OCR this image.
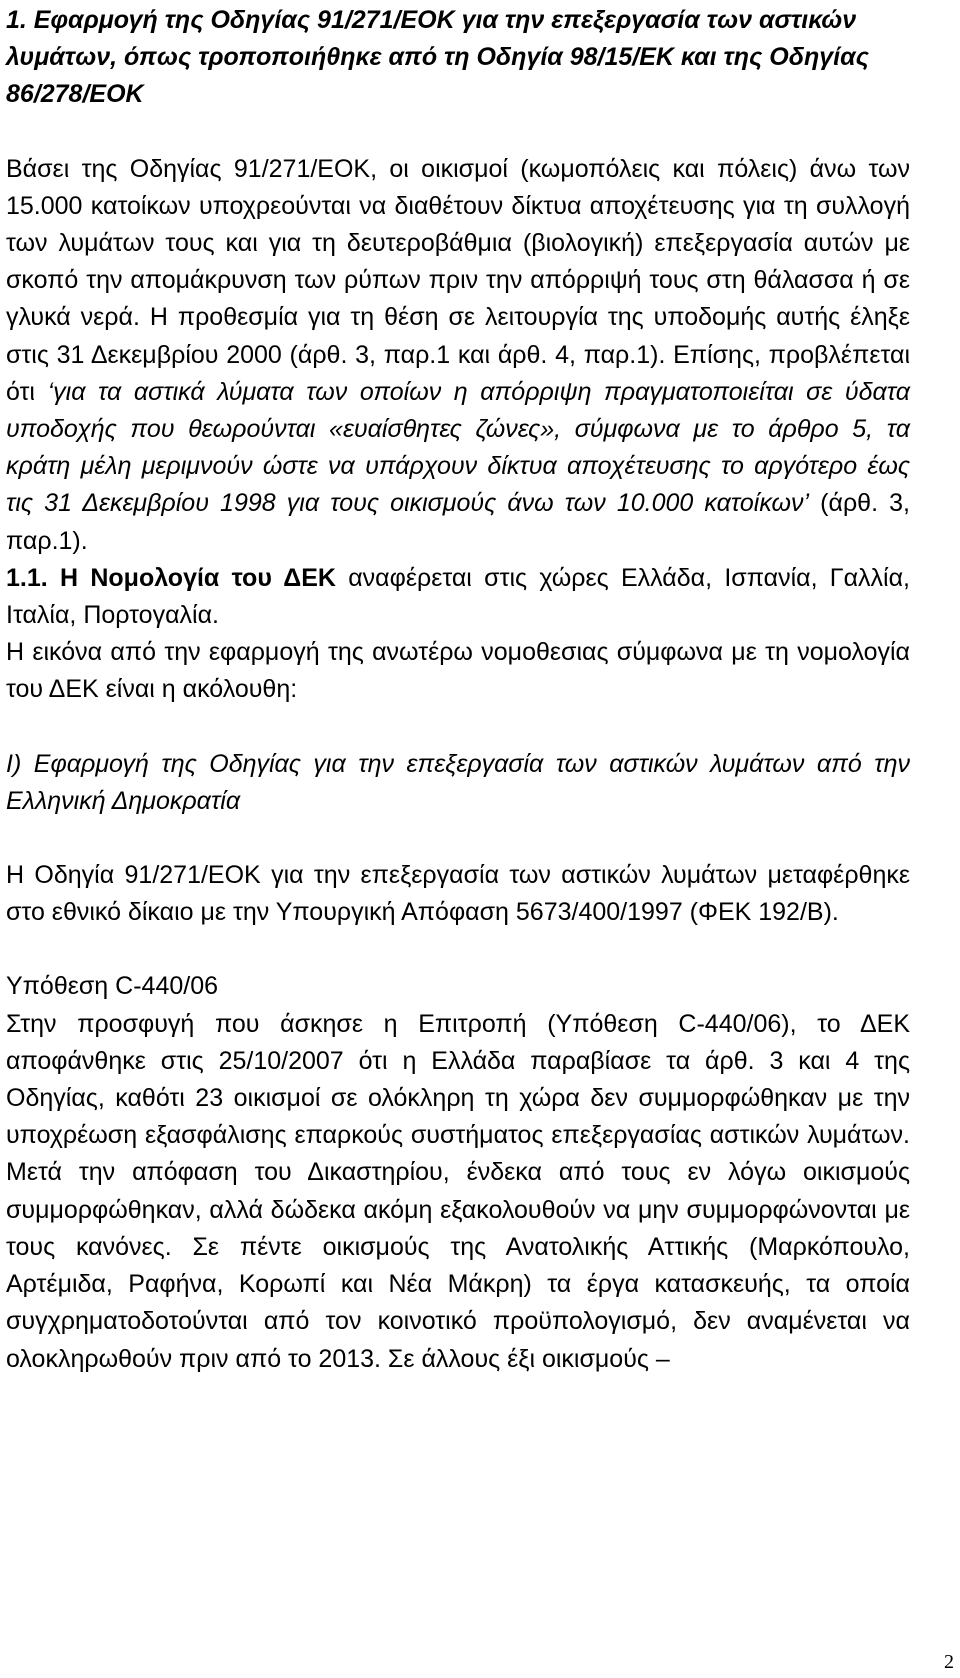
1. Εφαρμογή της Οδηγίας 91/271/ΕΟΚ για την επεξεργασία των αστικών λυμάτων, όπως τροποποιήθηκε από τη Οδηγία 98/15/ΕΚ και της Οδηγίας 86/278/ΕΟΚ

Βάσει της Οδηγίας 91/271/ΕΟΚ, οι οικισμοί (κωμοπόλεις και πόλεις) άνω των 15.000 κατοίκων υποχρεούνται να διαθέτουν δίκτυα αποχέτευσης για τη συλλογή των λυμάτων τους και για τη δευτεροβάθμια (βιολογική) επεξεργασία αυτών με σκοπό την απομάκρυνση των ρύπων πριν την απόρριψή τους στη θάλασσα ή σε γλυκά νερά. Η προθεσμία για τη θέση σε λειτουργία της υποδομής αυτής έληξε στις 31 Δεκεμβρίου 2000 (άρθ. 3, παρ.1 και άρθ. 4, παρ.1). Επίσης, προβλέπεται ότι ‘για τα αστικά λύματα των οποίων η απόρριψη πραγματοποιείται σε ύδατα υποδοχής που θεωρούνται «ευαίσθητες ζώνες», σύμφωνα με το άρθρο 5, τα κράτη μέλη μεριμνούν ώστε να υπάρχουν δίκτυα αποχέτευσης το αργότερο έως τις 31 Δεκεμβρίου 1998 για τους οικισμούς άνω των 10.000 κατοίκων’ (άρθ. 3, παρ.1).

1.1. Η Νομολογία του ΔΕΚ αναφέρεται στις χώρες Ελλάδα, Ισπανία, Γαλλία, Ιταλία, Πορτογαλία.

Η εικόνα από την εφαρμογή της ανωτέρω νομοθεσιας σύμφωνα με τη νομολογία του ΔΕΚ είναι η ακόλουθη:

I) Εφαρμογή της Οδηγίας για την επεξεργασία των αστικών λυμάτων από την Ελληνική Δημοκρατία

Η Οδηγία 91/271/ΕΟΚ για την επεξεργασία των αστικών λυμάτων μεταφέρθηκε στο εθνικό δίκαιο με την Υπουργική Απόφαση 5673/400/1997 (ΦΕΚ 192/Β).

Υπόθεση C-440/06

Στην προσφυγή που άσκησε η Επιτροπή (Υπόθεση C-440/06), το ΔΕΚ αποφάνθηκε στις 25/10/2007 ότι η Ελλάδα παραβίασε τα άρθ. 3 και 4 της Οδηγίας, καθότι 23 οικισμοί σε ολόκληρη τη χώρα δεν συμμορφώθηκαν με την υποχρέωση εξασφάλισης επαρκούς συστήματος επεξεργασίας αστικών λυμάτων. Μετά την απόφαση του Δικαστηρίου, ένδεκα από τους εν λόγω οικισμούς συμμορφώθηκαν, αλλά δώδεκα ακόμη εξακολουθούν να μην συμμορφώνονται με τους κανόνες. Σε πέντε οικισμούς της Ανατολικής Αττικής (Μαρκόπουλο, Αρτέμιδα, Ραφήνα, Κορωπί και Νέα Μάκρη) τα έργα κατασκευής, τα οποία συγχρηματοδοτούνται από τον κοινοτικό προϋπολογισμό, δεν αναμένεται να ολοκληρωθούν πριν από το 2013. Σε άλλους έξι οικισμούς –

2
